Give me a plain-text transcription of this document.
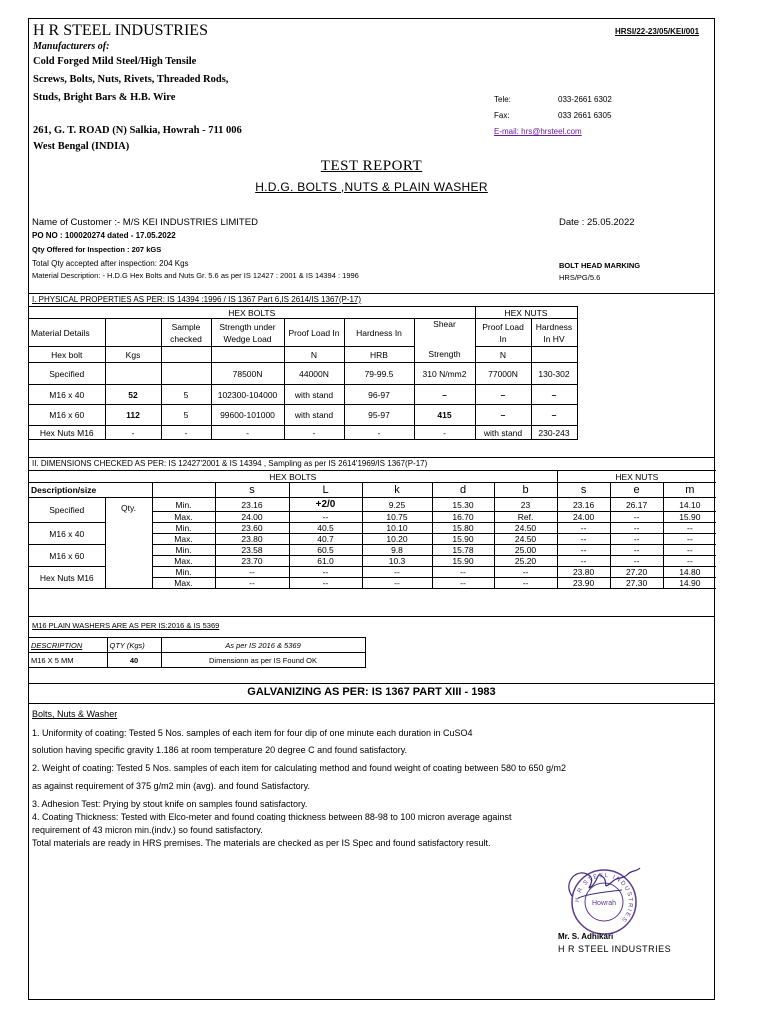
H R STEEL INDUSTRIES	HRSI/22-23/05/KEI/001
Manufacturers of:
Cold Forged Mild Steel/High Tensile
Screws, Bolts, Nuts, Rivets, Threaded Rods,
Studs, Bright Bars & H.B. Wire	Tele:	033-2661 6302
Fax:	033 2661 6305
E-mail: hrs@hrsteel.com
261, G. T. ROAD (N) Salkia, Howrah - 711 006
West Bengal (INDIA)
TEST REPORT
H.D.G. BOLTS ,NUTS & PLAIN WASHER
Name of Customer :- M/S KEI INDUSTRIES LIMITED	Date : 25.05.2022
PO NO : 100020274 dated - 17.05.2022
Qty Offered for Inspection : 207 kGS
Total Qty accepted after inspection: 204 Kgs	BOLT HEAD MARKING
Material Description: - H.D.G Hex Bolts and Nuts Gr. 5.6 as per IS 12427 : 2001 & IS 14394 : 1996	HRS/PG/5.6
I. PHYSICAL PROPERTIES AS PER: IS 14394 :1996 / IS 1367 Part 6,IS 2614/IS 1367(P-17)
HEX BOLTS							HEX NUTS	
Material Details		Sample checked	Strength under Wedge Load	Proof Load In	Hardness In	Shear	Proof Load In	Hardness In HV
Hex bolt	Kgs			N	HRB	Strength	N	
Specified			78500N	44000N	79-99.5	310 N/mm2	77000N	130-302
M16 x 40	52	5	102300-104000	with stand	96-97	–	–	–
M16 x 60	112	5	99600-101000	with stand	95-97	415	–	–
Hex Nuts M16	-	-	-	-	-	-	with stand	230-243
II. DIMENSIONS CHECKED AS PER: IS 12427'2001 & IS 14394 , Sampling as per IS 2614'1969/IS 1367(P-17)
HEX BOLTS								HEX NUTS		
Description/size			s	L	k	d	b	s	e	m
Specified	Qty.	Min.	23.16	+2/0	9.25	15.30	23	23.16	26.17	14.10
		Max.	24.00	--	10.75	16.70	Ref.	24.00	--	15.90
M16 x 40		Min.	23.60	40.5	10.10	15.80	24.50	--	--	--
		Max.	23.80	40.7	10.20	15.90	24.50	--	--	--
M16 x 60		Min.	23.58	60.5	9.8	15.78	25.00	--	--	--
		Max.	23.70	61.0	10.3	15.90	25.20	--	--	--
Hex Nuts M16		Min.	--	--	--	--	--	23.80	27.20	14.80
		Max.	--	--	--	--	--	23.90	27.30	14.90
M16 PLAIN WASHERS ARE AS PER IS:2016 & IS 5369
DESCRIPTION	QTY (Kgs)	As per IS 2016 & 5369
M16 X 5 MM	40	Dimensionn as per IS Found OK
GALVANIZING AS PER: IS 1367 PART XIII - 1983
Bolts, Nuts & Washer
1. Uniformity of coating: Tested 5 Nos. samples of each item for four dip of one minute each duration in CuSO4
solution having specific gravity 1.186 at room temperature 20 degree C and found satisfactory.
2. Weight of coating: Tested 5 Nos. samples of each item for calculating method and found weight of coating between 580 to 650 g/m2
as against requirement of 375 g/m2 min (avg). and found Satisfactory.
3. Adhesion Test: Prying by stout knife on samples found satisfactory.
4. Coating Thickness: Tested with Elco-meter and found coating thickness between 88-98 to 100 micron average against
requirement of 43 micron min.(indv.) so found satisfactory.
Total materials are ready in HRS premises. The materials are checked as per IS Spec and found satisfactory result.
H R STEEL INDUSTRIES
Howrah
Mr. S. Adhikari
H R STEEL INDUSTRIES
